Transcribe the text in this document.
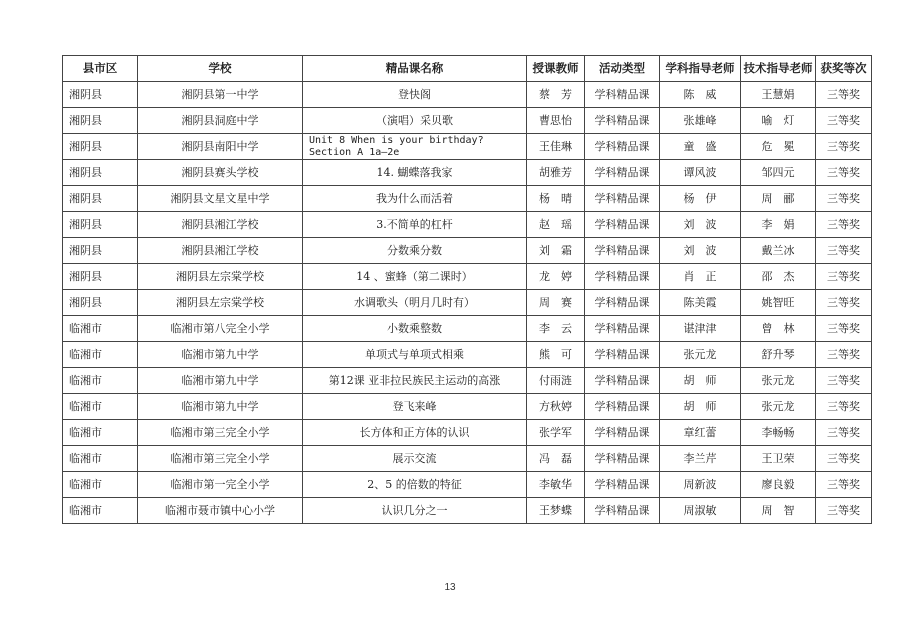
县市区	学校	精品课名称	授课教师	活动类型	学科指导老师	技术指导老师	获奖等次
湘阴县	湘阴县第一中学	登快阁	蔡　芳	学科精品课	陈　威	王慧娟	三等奖
湘阴县	湘阴县洞庭中学	（演唱）采贝歌	曹思怡	学科精品课	张雄峰	喻　灯	三等奖
湘阴县	湘阴县南阳中学	Unit 8 When is your birthday? Section A 1a—2e	王佳琳	学科精品课	童　盛	危　冕	三等奖
湘阴县	湘阴县赛头学校	14. 蝴蝶落我家	胡雅芳	学科精品课	谭风波	邹四元	三等奖
湘阴县	湘阴县文星文星中学	我为什么而活着	杨　晴	学科精品课	杨　伊	周　郦	三等奖
湘阴县	湘阴县湘江学校	3.不简单的杠杆	赵　瑶	学科精品课	刘　波	李　娟	三等奖
湘阴县	湘阴县湘江学校	分数乘分数	刘　霜	学科精品课	刘　波	戴兰冰	三等奖
湘阴县	湘阴县左宗棠学校	14 、蜜蜂（第二课时）	龙　婷	学科精品课	肖　正	邵　杰	三等奖
湘阴县	湘阴县左宗棠学校	水调歌头（明月几时有）	周　赛	学科精品课	陈美霞	姚智旺	三等奖
临湘市	临湘市第八完全小学	小数乘整数	李　云	学科精品课	谌津津	曾　林	三等奖
临湘市	临湘市第九中学	单项式与单项式相乘	熊　可	学科精品课	张元龙	舒升琴	三等奖
临湘市	临湘市第九中学	第12课 亚非拉民族民主运动的高涨	付雨涟	学科精品课	胡　师	张元龙	三等奖
临湘市	临湘市第九中学	登飞来峰	方秋婷	学科精品课	胡　师	张元龙	三等奖
临湘市	临湘市第三完全小学	长方体和正方体的认识	张学军	学科精品课	章红蕾	李畅畅	三等奖
临湘市	临湘市第三完全小学	展示交流	冯　磊	学科精品课	李兰芹	王卫荣	三等奖
临湘市	临湘市第一完全小学	2、5 的倍数的特征	李敏华	学科精品课	周新波	廖良毅	三等奖
临湘市	临湘市聂市镇中心小学	认识几分之一	王梦蝶	学科精品课	周淑敏	周　智	三等奖
13
